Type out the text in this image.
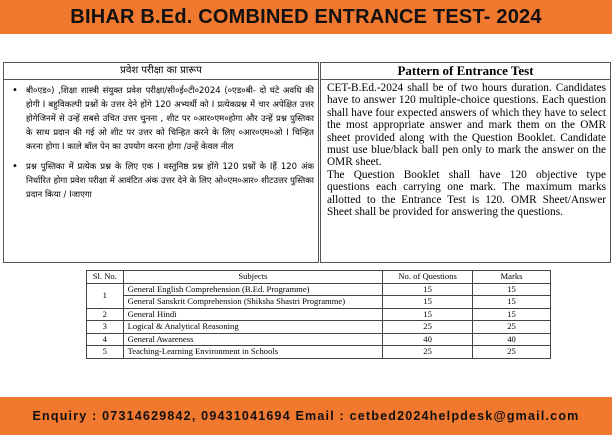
BIHAR B.Ed. COMBINED ENTRANCE TEST- 2024
प्रवेश परीक्षा का प्रारूप
• बी०एड०) ,शिक्षा शास्त्री संयुक्त प्रवेश परीक्षा/सी०ई०टी०2024 (०एड०बी- दो घंटे अवधि की होगी I बहुविकल्पी प्रश्नों के उत्तर देने होंगे 120 अभ्यर्थी को I प्रत्येकप्रश्न में चार अपेक्षित उत्तर होगेजिनमें से उन्हें सबसे उचित उत्तर चुनना , शीट पर ०आर०एम०होगा और उन्हें प्रश्न पुस्तिका के साथ प्रदान की गई ओ शीट पर उत्तर को चिन्हित करने के लिए ०आर०एम०ओ I चिन्हित करना होगा I काले बॉल पेन का उपयोग करना होगा /उन्हें केवल नील
• प्रश्न पुस्तिका में प्रत्येक प्रश्न के लिए एक I वस्तुनिष्ठ प्रश्न होंगे 120 प्रश्नों के Iहैं 120 अंक निर्धारित होगा प्रवेश परीक्षा में आवंटित अंक उत्तर देने के लिए ओ०एम०आर० शीटउत्तर पुस्तिका प्रदान किया / Iजाएगा
Pattern of Entrance Test

CET-B.Ed.-2024 shall be of two hours duration. Candidates have to answer 120 multiple-choice questions. Each question shall have four expected answers of which they have to select the most appropriate answer and mark them on the OMR sheet provided along with the Question Booklet. Candidate must use blue/black ball pen only to mark the answer on the OMR sheet.

The Question Booklet shall have 120 objective type questions each carrying one mark. The maximum marks allotted to the Entrance Test is 120. OMR Sheet/Answer Sheet shall be provided for answering the questions.

Sl. No.	Subjects	No. of Questions	Marks
1	General English Comprehension (B.Ed. Programme)	15	15
	General Sanskrit Comprehension (Shiksha Shastri Programme)	15	15
2	General Hindi	15	15
3	Logical & Analytical Reasoning	25	25
4	General Awareness	40	40
5	Teaching-Learning Environment in Schools	25	25
Enquiry : 07314629842, 09431041694 Email : cetbed2024helpdesk@gmail.com
